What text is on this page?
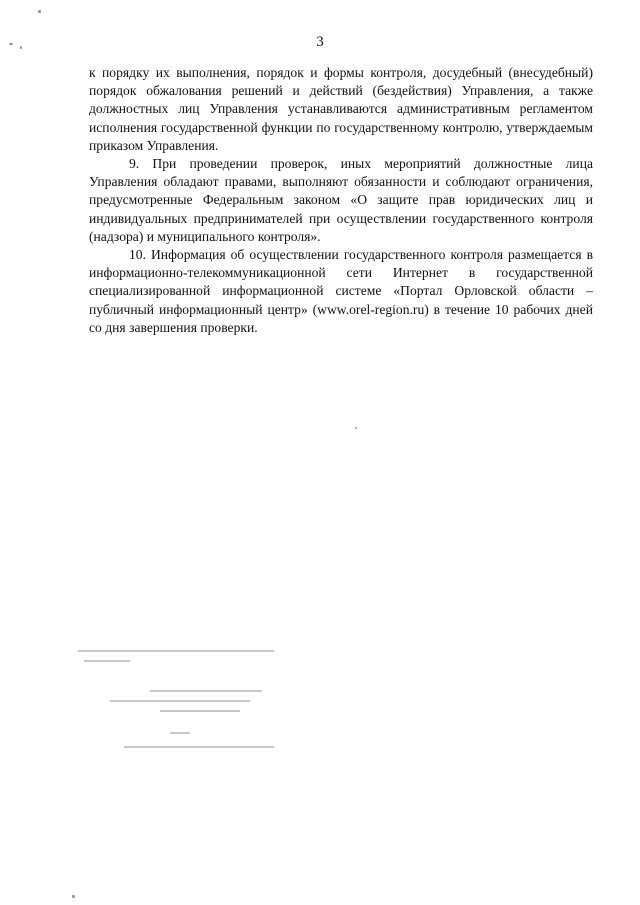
3

к порядку их выполнения, порядок и формы контроля, досудебный (внесудебный) порядок обжалования решений и действий (бездействия) Управления, а также должностных лиц Управления устанавливаются административным регламентом исполнения государственной функции по государственному контролю, утверждаемым приказом Управления.

9. При проведении проверок, иных мероприятий должностные лица Управления обладают правами, выполняют обязанности и соблюдают ограничения, предусмотренные Федеральным законом «О защите прав юридических лиц и индивидуальных предпринимателей при осуществлении государственного контроля (надзора) и муниципального контроля».

10. Информация об осуществлении государственного контроля размещается в информационно-телекоммуникационной сети Интернет в государственной специализированной информационной системе «Портал Орловской области – публичный информационный центр» (www.orel-region.ru) в течение 10 рабочих дней со дня завершения проверки.
